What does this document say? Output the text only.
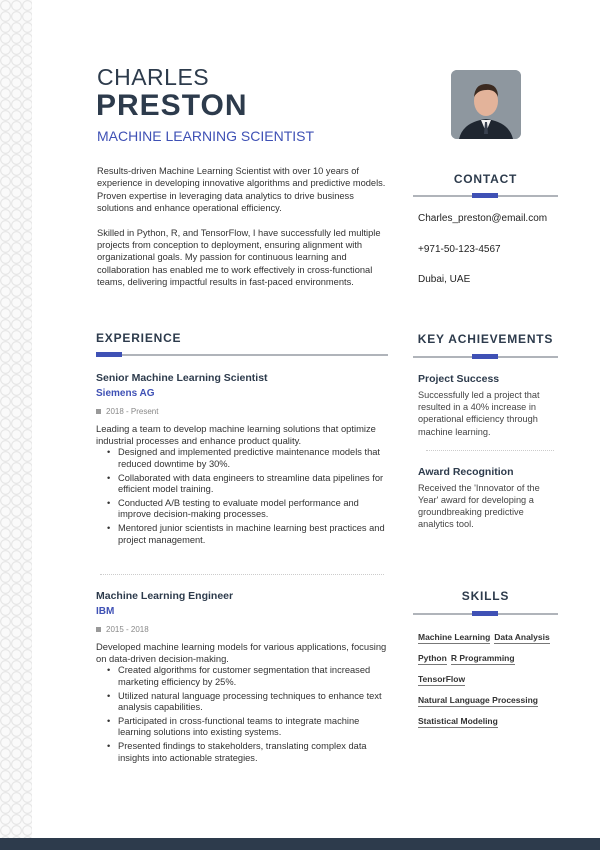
CHARLES
PRESTON
MACHINE LEARNING SCIENTIST

Results-driven Machine Learning Scientist with over 10 years of experience in developing innovative algorithms and predictive models. Proven expertise in leveraging data analytics to drive business solutions and enhance operational efficiency.

Skilled in Python, R, and TensorFlow, I have successfully led multiple projects from conception to deployment, ensuring alignment with organizational goals. My passion for continuous learning and collaboration has enabled me to work effectively in cross-functional teams, delivering impactful results in fast-paced environments.

CONTACT
Charles_preston@email.com
+971-50-123-4567
Dubai, UAE
KEY ACHIEVEMENTS
Project Success
Successfully led a project that resulted in a 40% increase in operational efficiency through machine learning.
Award Recognition
Received the 'Innovator of the Year' award for developing a groundbreaking predictive analytics tool.
SKILLS
Machine Learning Data Analysis
Python R Programming
TensorFlow
Natural Language Processing
Statistical Modeling
EXPERIENCE
Senior Machine Learning Scientist
Siemens AG
2018 - Present
Leading a team to develop machine learning solutions that optimize industrial processes and enhance product quality.
• Designed and implemented predictive maintenance models that reduced downtime by 30%.
• Collaborated with data engineers to streamline data pipelines for efficient model training.
• Conducted A/B testing to evaluate model performance and improve decision-making processes.
• Mentored junior scientists in machine learning best practices and project management.
Machine Learning Engineer
IBM
2015 - 2018
Developed machine learning models for various applications, focusing on data-driven decision-making.
• Created algorithms for customer segmentation that increased marketing efficiency by 25%.
• Utilized natural language processing techniques to enhance text analysis capabilities.
• Participated in cross-functional teams to integrate machine learning solutions into existing systems.
• Presented findings to stakeholders, translating complex data insights into actionable strategies.
